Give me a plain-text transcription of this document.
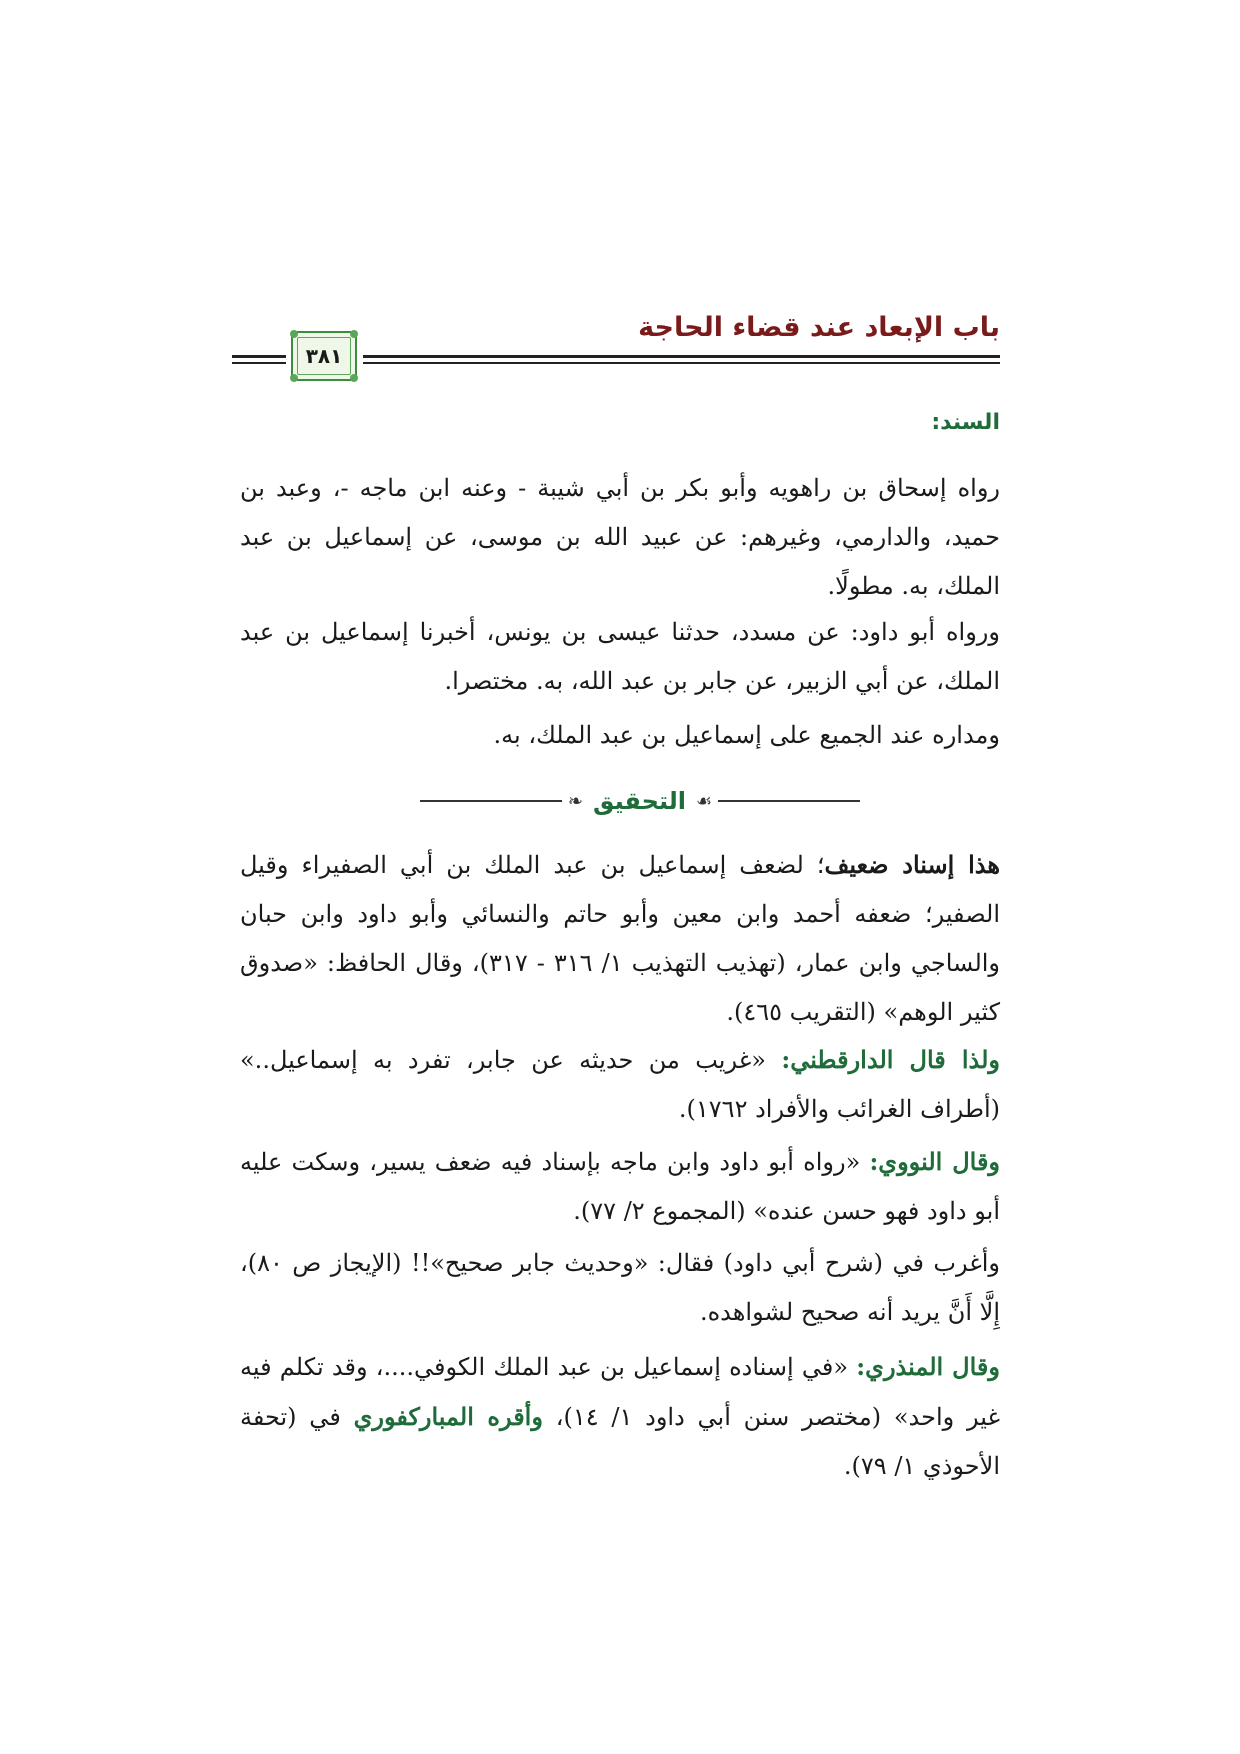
باب الإبعاد عند قضاء الحاجة
٣٨١
السند:

رواه إسحاق بن راهويه وأبو بكر بن أبي شيبة - وعنه ابن ماجه -، وعبد بن حميد، والدارمي، وغيرهم: عن عبيد الله بن موسى، عن إسماعيل بن عبد الملك، به. مطولًا.

ورواه أبو داود: عن مسدد، حدثنا عيسى بن يونس، أخبرنا إسماعيل بن عبد الملك، عن أبي الزبير، عن جابر بن عبد الله، به. مختصرا.

ومداره عند الجميع على إسماعيل بن عبد الملك، به.

❧ التحقيق ☙

هذا إسناد ضعيف؛ لضعف إسماعيل بن عبد الملك بن أبي الصفيراء وقيل الصفير؛ ضعفه أحمد وابن معين وأبو حاتم والنسائي وأبو داود وابن حبان والساجي وابن عمار، (تهذيب التهذيب ١/ ٣١٦ - ٣١٧)، وقال الحافظ: «صدوق كثير الوهم» (التقريب ٤٦٥).

ولذا قال الدارقطني: «غريب من حديثه عن جابر، تفرد به إسماعيل..» (أطراف الغرائب والأفراد ١٧٦٢).

وقال النووي: «رواه أبو داود وابن ماجه بإسناد فيه ضعف يسير، وسكت عليه أبو داود فهو حسن عنده» (المجموع ٢/ ٧٧).

وأغرب في (شرح أبي داود) فقال: «وحديث جابر صحيح»!! (الإيجاز ص ٨٠)، إِلَّا أَنَّ يريد أنه صحيح لشواهده.

وقال المنذري: «في إسناده إسماعيل بن عبد الملك الكوفي....، وقد تكلم فيه غير واحد» (مختصر سنن أبي داود ١/ ١٤)، وأقره المباركفوري في (تحفة الأحوذي ١/ ٧٩).
